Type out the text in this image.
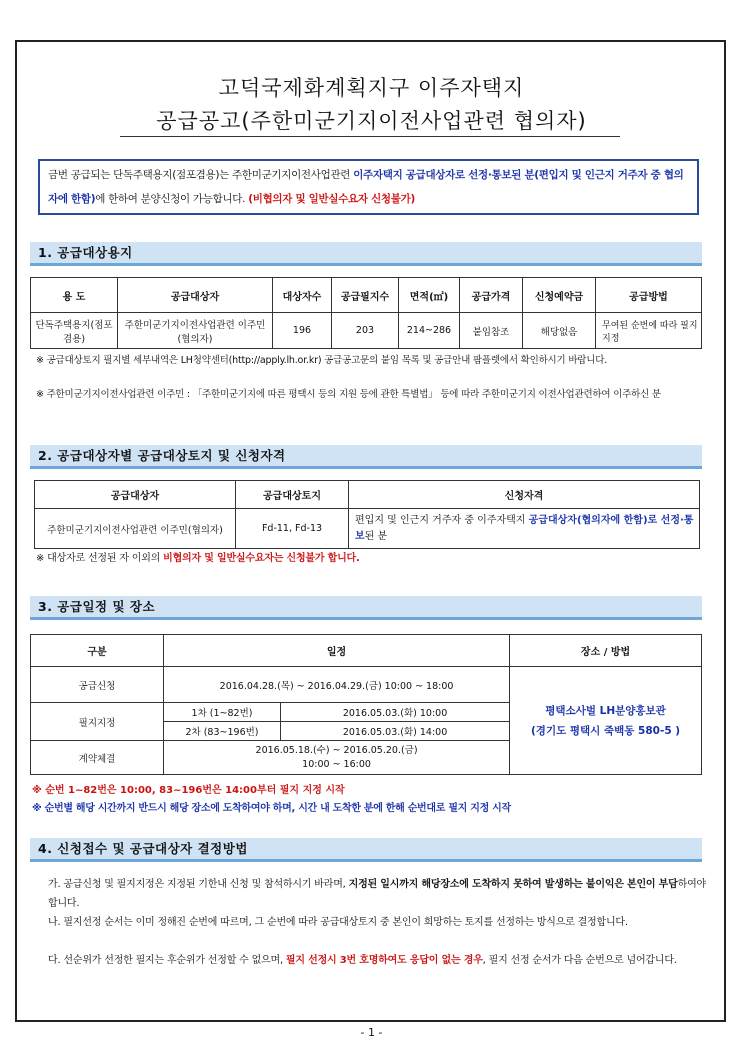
고덕국제화계획지구 이주자택지
공급공고(주한미군기지이전사업관련 협의자)
금번 공급되는 단독주택용지(점포겸용)는 주한미군기지이전사업관련 이주자택지 공급대상자로 선정·통보된 분(편입지 및 인근지 거주자 중 협의자에 한함)에 한하여 분양신청이 가능합니다. (비협의자 및 일반실수요자 신청불가)
1. 공급대상용지
용 도	공급대상자	대상자수	공급필지수	면적(㎡)	공급가격	신청예약금	공급방법
단독주택용지(점포겸용)	주한미군기지이전사업관련 이주민(협의자)	196	203	214~286	붙임참조	해당없음	무여된 순번에 따라 필지 지정
※ 공급대상토지 필지별 세부내역은 LH청약센터(http://apply.lh.or.kr) 공급공고문의 붙임 목록 및 공급안내 팜플렛에서 확인하시기 바랍니다.
※ 주한미군기지이전사업관련 이주민 : 「주한미군기지에 따른 평택시 등의 지원 등에 관한 특별법」 등에 따라 주한미군기지 이전사업관련하여 이주하신 분
2. 공급대상자별 공급대상토지 및 신청자격
공급대상자	공급대상토지	신청자격
주한미군기지이전사업관련 이주민(협의자)	Fd-11, Fd-13	편입지 및 인근지 거주자 중 이주자택지 공급대상자(협의자에 한함)로 선정·통보된 분
※ 대상자로 선정된 자 이외의 비협의자 및 일반실수요자는 신청불가 합니다.
3. 공급일정 및 장소
구분	일정		장소 / 방법
공급신청	2016.04.28.(목) ~ 2016.04.29.(금) 10:00 ~ 18:00		평택소사벌 LH분양홍보관
(경기도 평택시 죽백동 580-5 )

필지지정	1차 (1~82번)	2016.05.03.(화) 10:00	
	2차 (83~196번)	2016.05.03.(화) 14:00	
계약체결	2016.05.18.(수) ~ 2016.05.20.(금)
10:00 ~ 16:00		
※ 순번 1~82번은 10:00, 83~196번은 14:00부터 필지 지정 시작
※ 순번별 해당 시간까지 반드시 해당 장소에 도착하여야 하며, 시간 내 도착한 분에 한해 순번대로 필지 지정 시작
4. 신청접수 및 공급대상자 결정방법
가. 공급신청 및 필지지정은 지정된 기한내 신청 및 참석하시기 바라며, 지정된 일시까지 해당장소에 도착하지 못하여 발생하는 불이익은 본인이 부담하여야 합니다.
나. 필지선정 순서는 이미 정해진 순번에 따르며, 그 순번에 따라 공급대상토지 중 본인이 희망하는 토지를 선정하는 방식으로 결정합니다.
다. 선순위가 선정한 필지는 후순위가 선정할 수 없으며, 필지 선정시 3번 호명하여도 응답이 없는 경우, 필지 선정 순서가 다음 순번으로 넘어갑니다.
- 1 -
